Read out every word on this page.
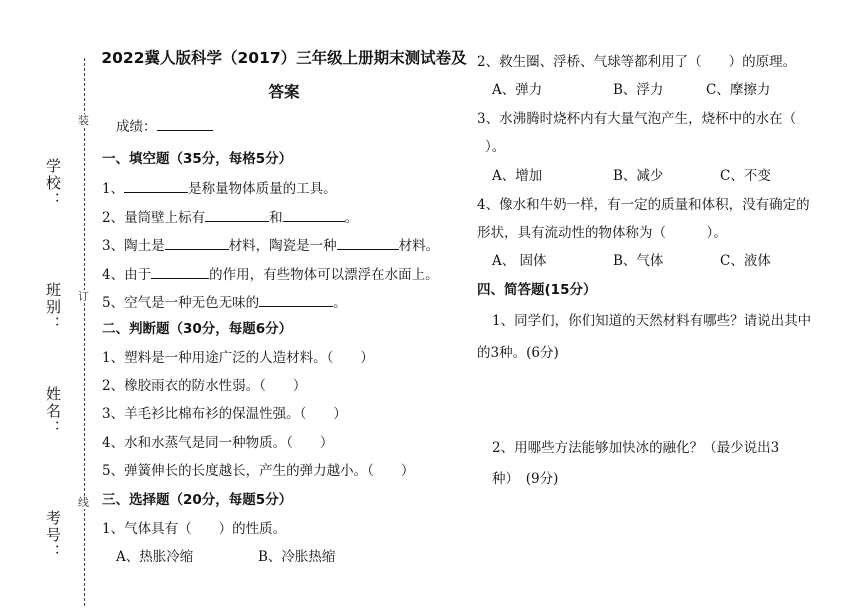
学校：
班别：
姓名：
考号：
装
订
线
2022冀人版科学（2017）三年级上册期末测试卷及
答案
成绩：
一、填空题（35分，每格5分）
1、	是称量物体质量的工具。
2、量筒壁上标有	和	。
3、陶土是	材料，陶瓷是一种	材料。
4、由于	的作用，有些物体可以漂浮在水面上。
5、空气是一种无色无味的	。
二、判断题（30分，每题6分）
1、塑料是一种用途广泛的人造材料。（　　）
2、橡胶雨衣的防水性弱。（　　）
3、羊毛衫比棉布衫的保温性强。（　　）
4、水和水蒸气是同一种物质。（　　）
5、弹簧伸长的长度越长，产生的弹力越小。（　　）
三、选择题（20分，每题5分）
1、气体具有（　　）的性质。
A、热胀冷缩	B、冷胀热缩
2、救生圈、浮桥、气球等都利用了（　　）的原理。
A、弹力	B、浮力	C、摩擦力
3、水沸腾时烧杯内有大量气泡产生，烧杯中的水在（
）。
A、增加	B、减少	C、不变
4、像水和牛奶一样，有一定的质量和体积，没有确定的
形状，具有流动性的物体称为（　　　）。
A、 固体	B、气体	C、液体
四、简答题(15分）
1、同学们，你们知道的天然材料有哪些？请说出其中
的3种。(6分)
2、用哪些方法能够加快冰的融化？（最少说出3
种）　(9分)
